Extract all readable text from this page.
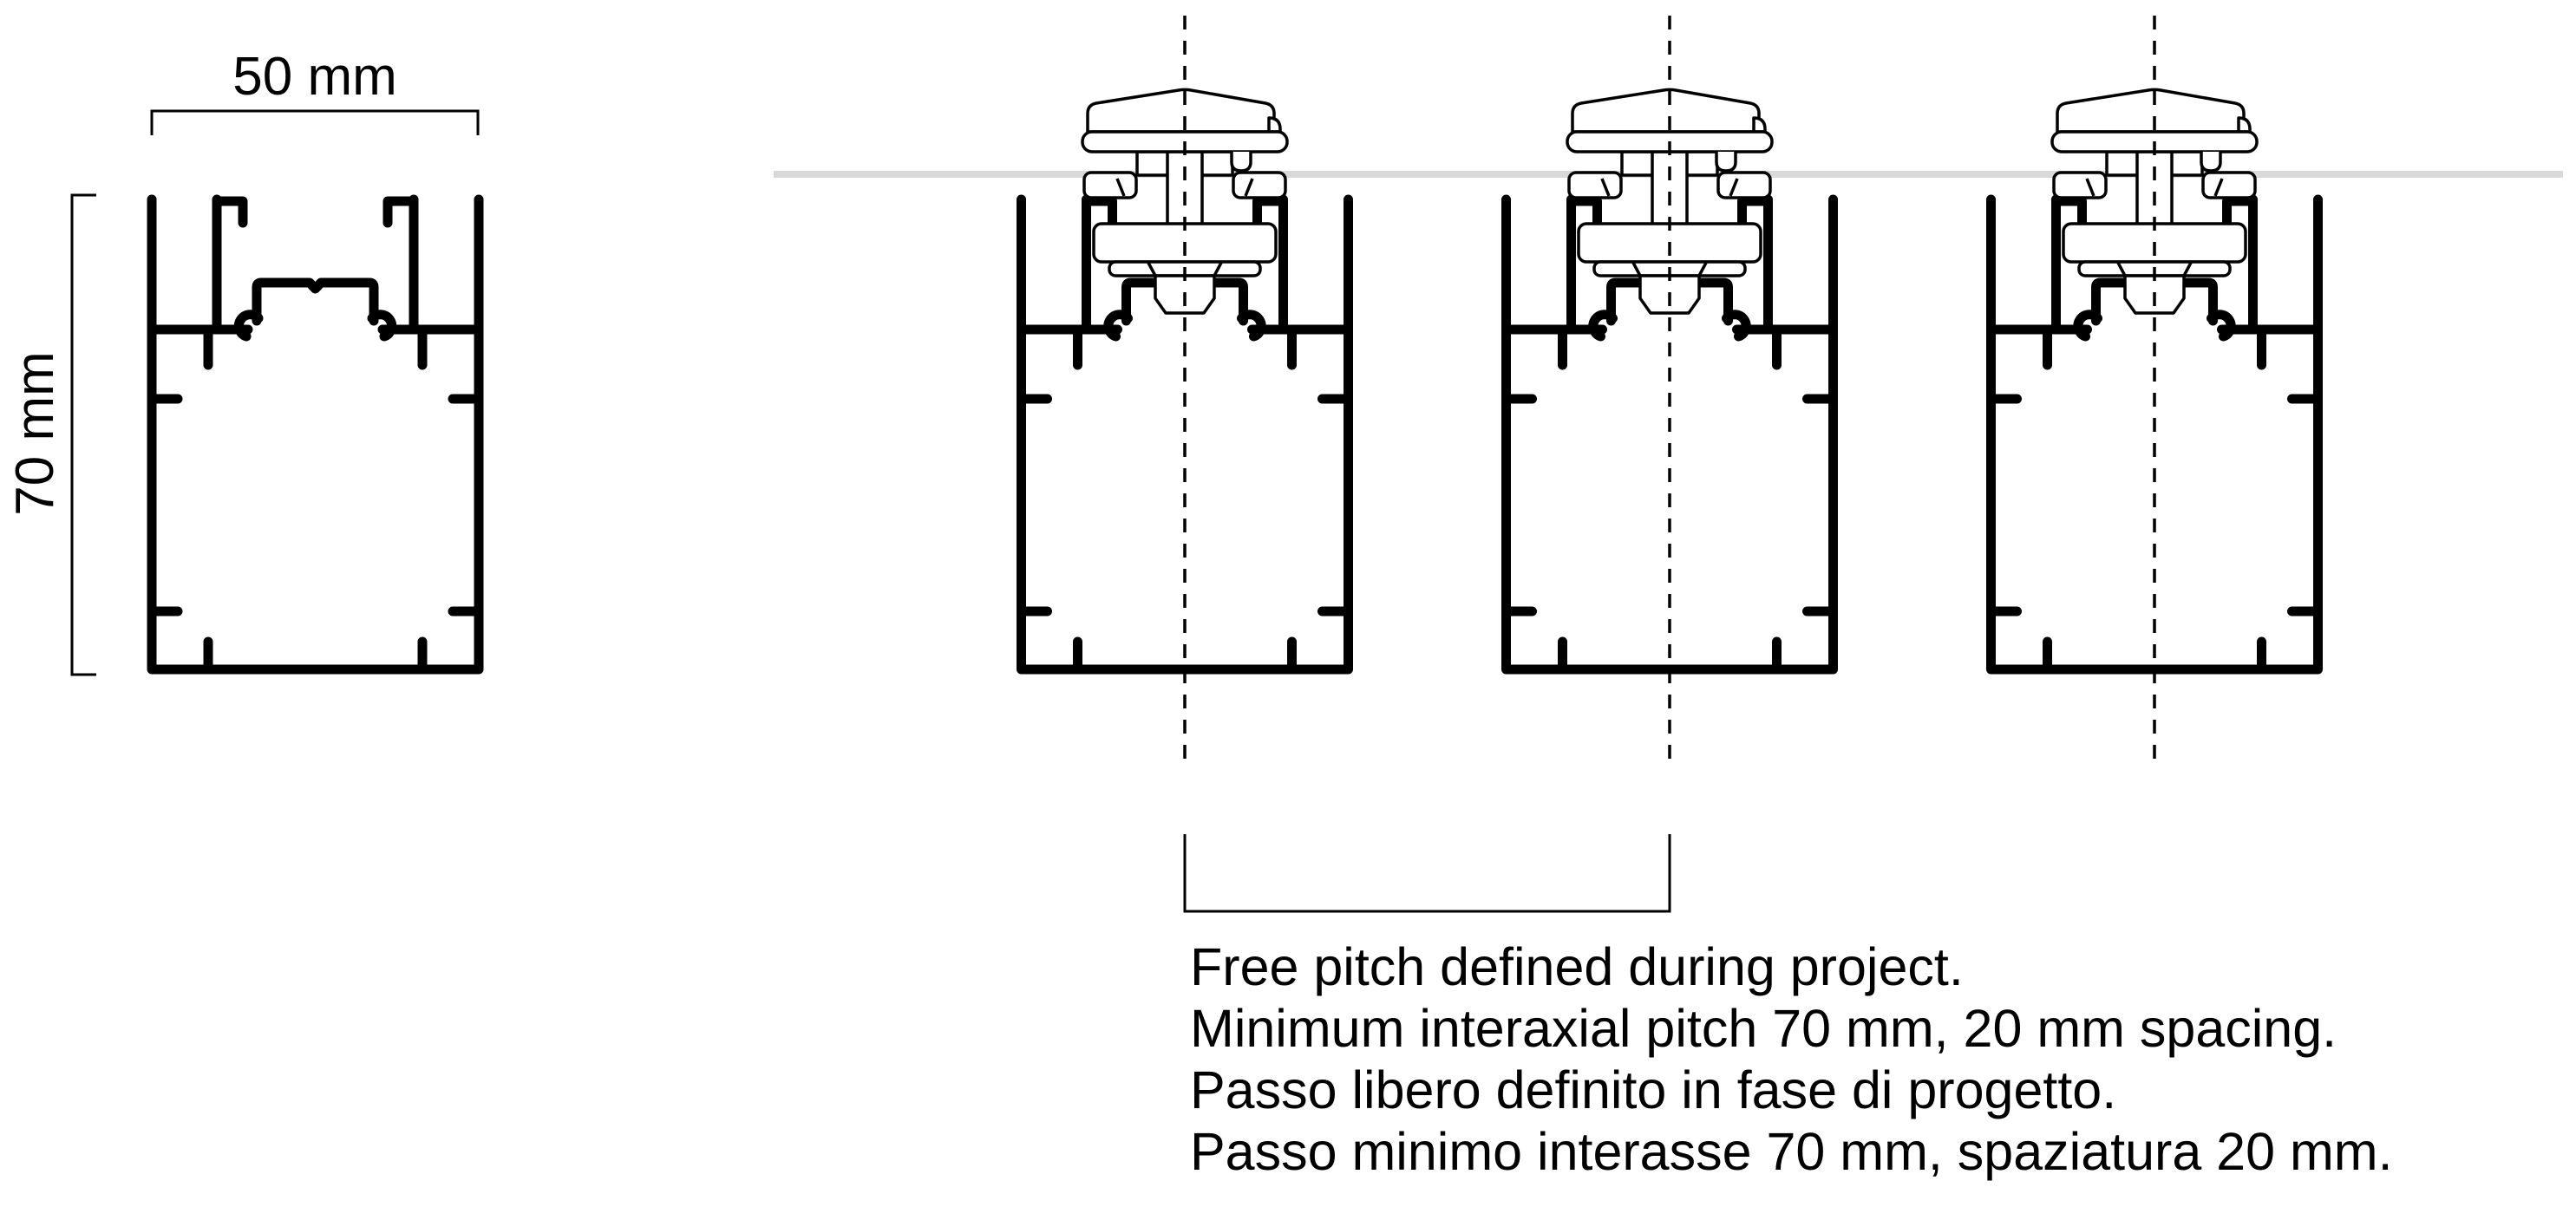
50 mm
70 mm
Free pitch defined during project.
Minimum interaxial pitch 70 mm, 20 mm spacing.
Passo libero definito in fase di progetto.
Passo minimo interasse 70 mm, spaziatura 20 mm.
